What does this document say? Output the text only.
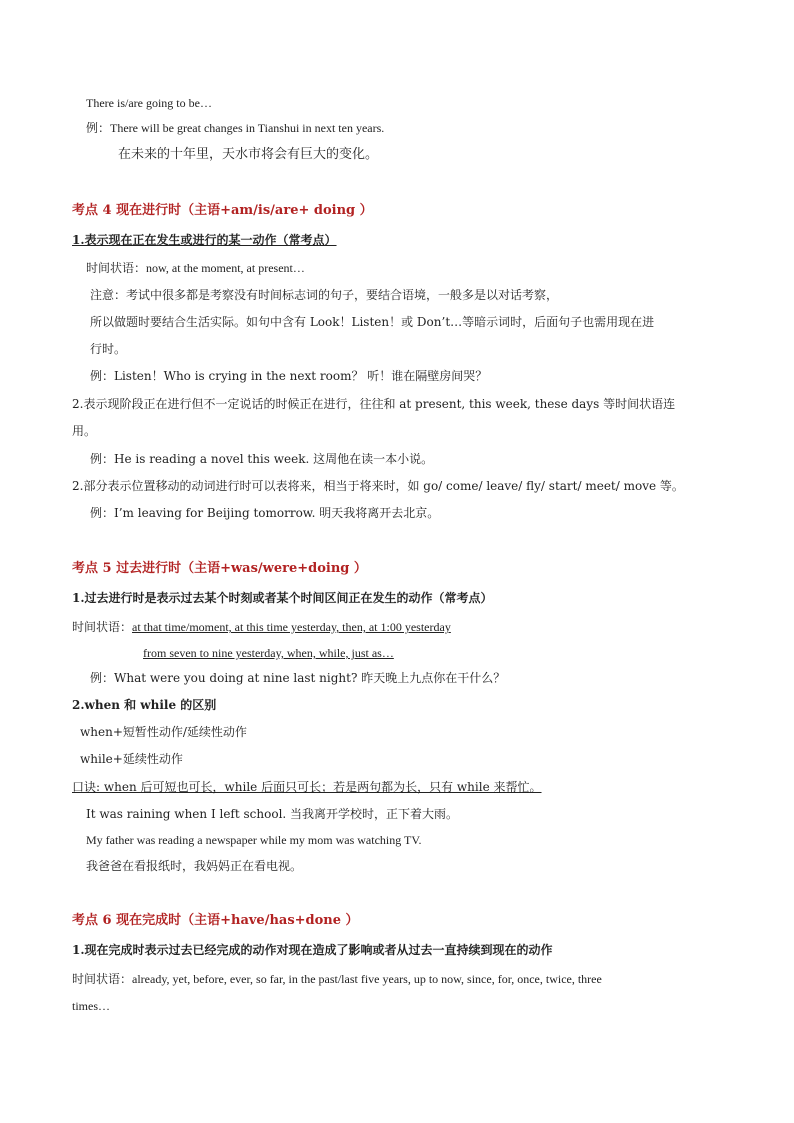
There is/are going to be…
例：There will be great changes in Tianshui in next ten years.
在未来的十年里，天水市将会有巨大的变化。
考点 4 现在进行时（主语+am/is/are+ doing ）
1.表示现在正在发生或进行的某一动作（常考点）
时间状语：now, at the moment, at present…
注意：考试中很多都是考察没有时间标志词的句子，要结合语境，一般多是以对话考察，
所以做题时要结合生活实际。如句中含有 Look！Listen！或 Don’t…等暗示词时，后面句子也需用现在进
行时。
例：Listen！Who is crying in the next room？ 听！谁在隔壁房间哭？
2.表示现阶段正在进行但不一定说话的时候正在进行，往往和 at present, this week, these days 等时间状语连
用。
例：He is reading a novel this week. 这周他在读一本小说。
2.部分表示位置移动的动词进行时可以表将来，相当于将来时，如 go/ come/ leave/ fly/ start/ meet/ move 等。
例：I’m leaving for Beijing tomorrow. 明天我将离开去北京。
考点 5 过去进行时（主语+was/were+doing ）
1.过去进行时是表示过去某个时刻或者某个时间区间正在发生的动作（常考点）
时间状语：at that time/moment, at this time yesterday, then, at 1:00 yesterday
from seven to nine yesterday, when, while, just as…
例：What were you doing at nine last night? 昨天晚上九点你在干什么？
2.when 和 while 的区别
when+短暂性动作/延续性动作
while+延续性动作
口诀: when 后可短也可长，while 后面只可长；若是两句都为长，只有 while 来帮忙。
It was raining when I left school. 当我离开学校时，正下着大雨。
My father was reading a newspaper while my mom was watching TV.
我爸爸在看报纸时，我妈妈正在看电视。
考点 6 现在完成时（主语+have/has+done ）
1.现在完成时表示过去已经完成的动作对现在造成了影响或者从过去一直持续到现在的动作
时间状语：already, yet, before, ever, so far, in the past/last five years, up to now, since, for, once, twice, three
times…
